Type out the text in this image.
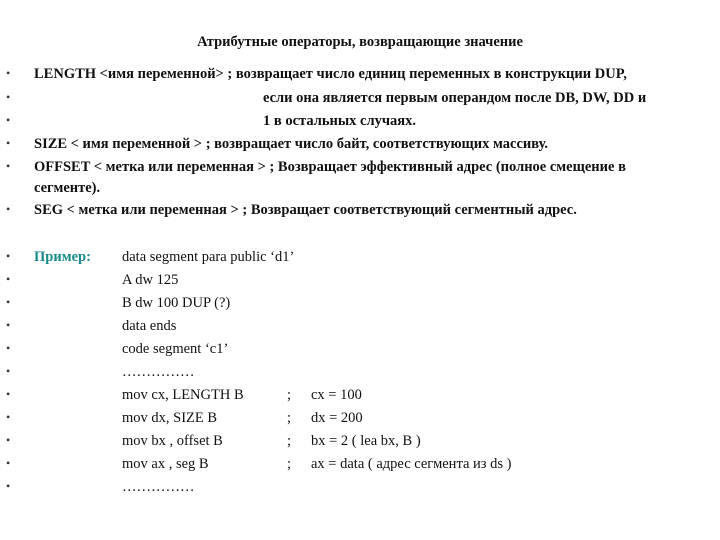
Атрибутные операторы, возвращающие значение
• LENGTH <имя переменной> ; возвращает число единиц переменных в конструкции DUP,
•	если она является первым операндом после DB, DW, DD и
•	1 в остальных случаях.
• SIZE < имя переменной > ; возвращает число байт, соответствующих массиву.
• OFFSET < метка или переменная > ; Возвращает эффективный адрес (полное смещение в
сегменте).
• SEG < метка или переменная > ; Возвращает соответствующий сегментный адрес.
• Пример: data segment para public ‘d1’
•	A dw 125
•	B dw 100 DUP (?)
•	data ends
•	code segment ‘c1’
•	……………
•	mov cx, LENGTH B	; cx = 100
•	mov dx, SIZE B	; dx = 200
•	mov bx , offset B	; bx = 2 ( lea bx, B )
•	mov ax , seg B	; ax = data ( адрес сегмента из ds )
•	……………
